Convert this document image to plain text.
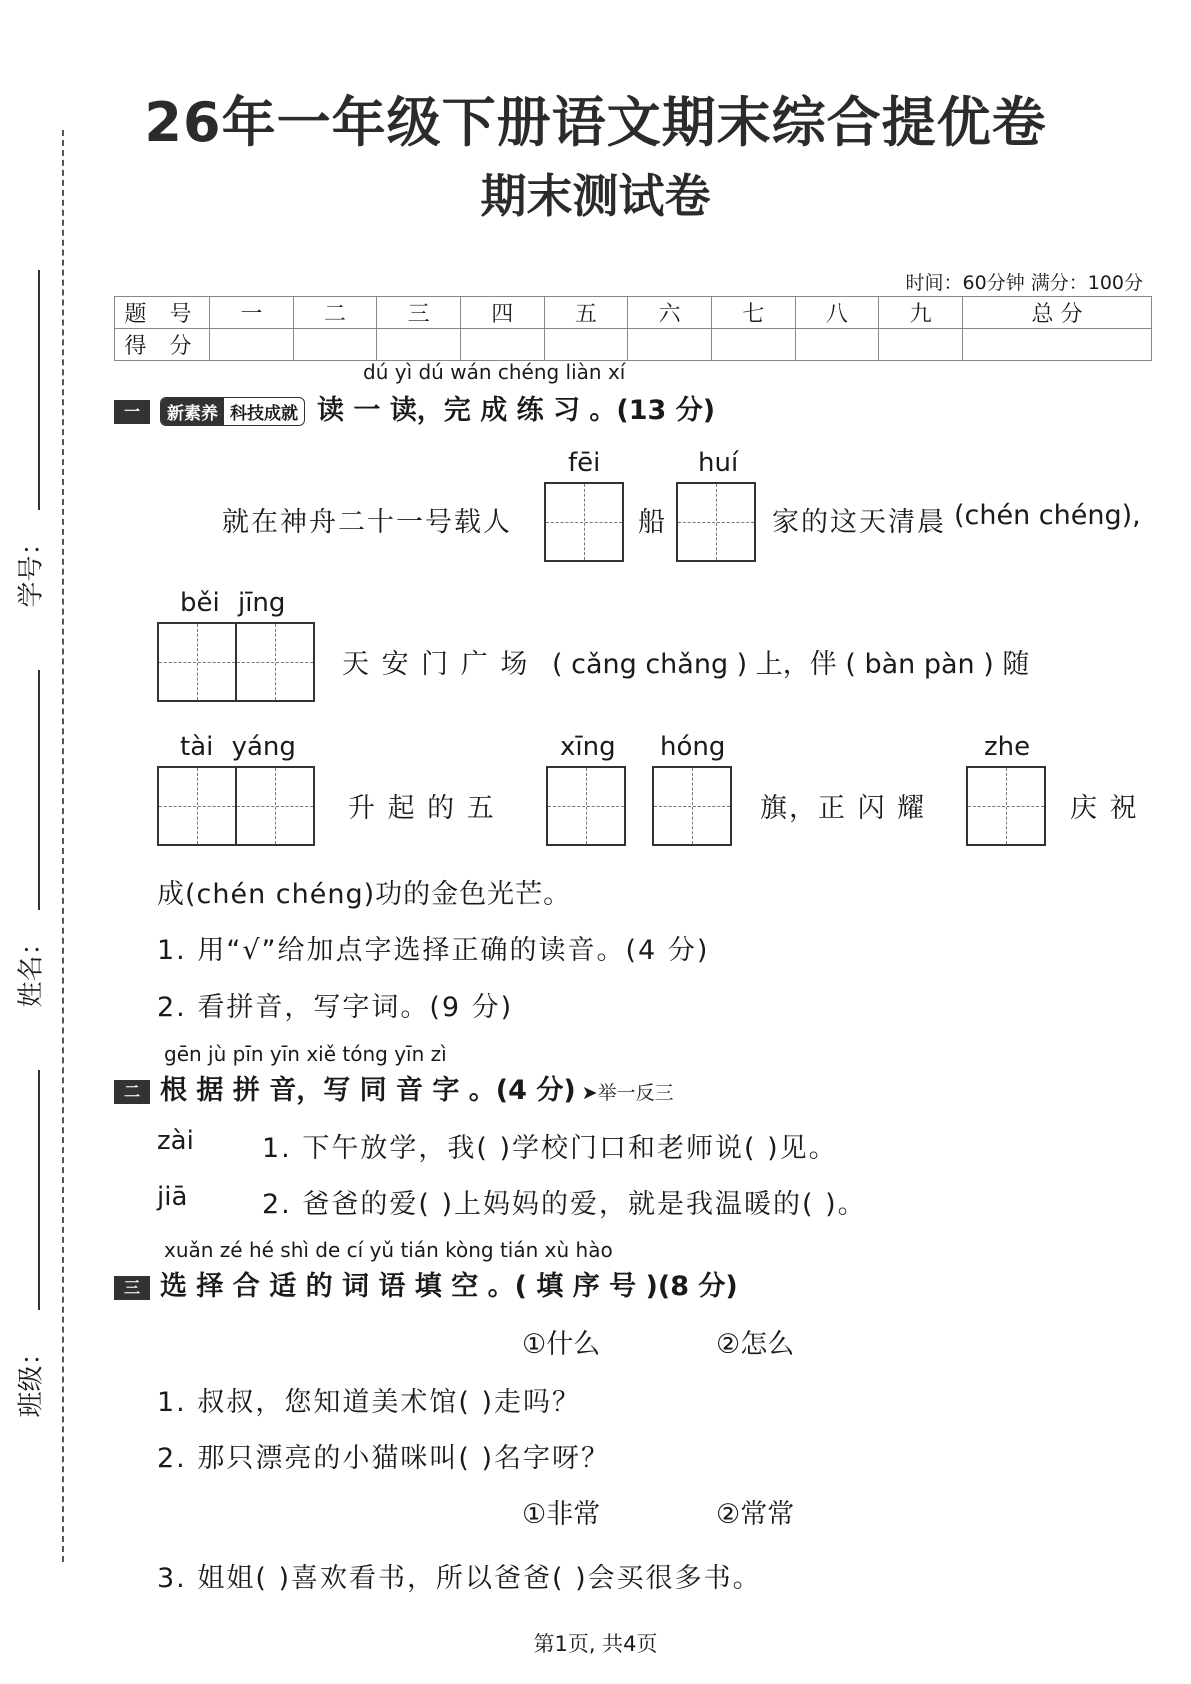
26年一年级下册语文期末综合提优卷
期末测试卷
学号：
姓名：
班级：
时间：60分钟 满分：100分
题 号	一	二	三	四	五	六	七	八	九	总 分
得 分										
dú yì dú wán chéng liàn xí
一 新素养 科技成就 读 一 读，完 成 练 习 。(13 分)
fēi	huí
就在神舟二十一号载人	船	家的这天清晨 (chén chéng),
běi jīng
天 安 门 广 场 ( cǎng chǎng ) 上，伴 ( bàn pàn ) 随
tài yáng	xīng hóng	zhe
升 起 的 五	旗，正 闪 耀	庆 祝
成(chén chéng)功的金色光芒。
1. 用“√”给加点字选择正确的读音。(4 分)
2. 看拼音，写字词。(9 分)
gēn jù pīn yīn xiě tóng yīn zì
二 根 据 拼 音，写 同 音 字 。(4 分) ➤举一反三
zài	1. 下午放学，我( )学校门口和老师说( )见。
jiā	2. 爸爸的爱( )上妈妈的爱，就是我温暖的( )。
xuǎn zé hé shì de cí yǔ tián kòng tián xù hào
三 选 择 合 适 的 词 语 填 空 。( 填 序 号 )(8 分)
①什么	②怎么
1. 叔叔，您知道美术馆( )走吗？
2. 那只漂亮的小猫咪叫( )名字呀？
①非常	②常常
3. 姐姐( )喜欢看书，所以爸爸( )会买很多书。
第1页, 共4页
